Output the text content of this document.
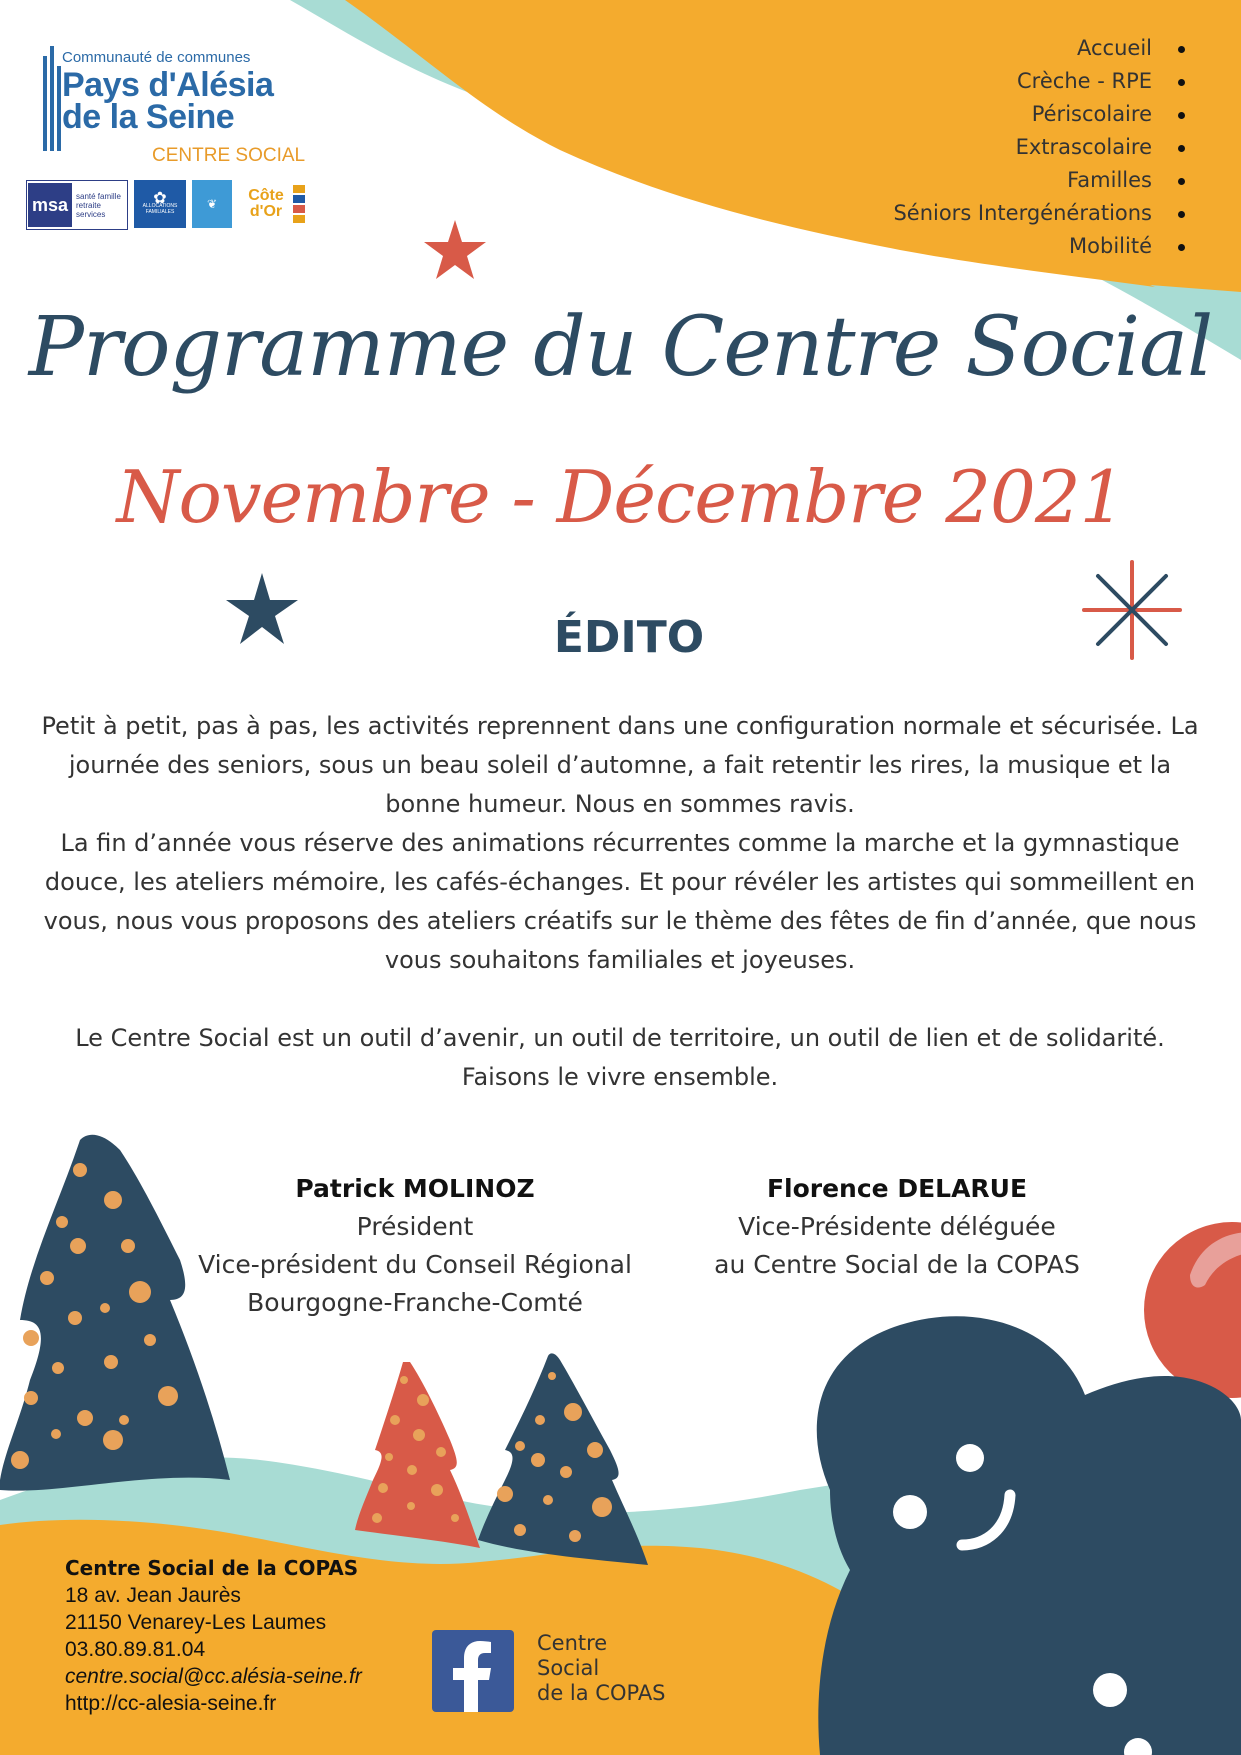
Communauté de communes
Pays d'Alésia
de la Seine
CENTRE SOCIAL
msa santé famille retraite services
✿
ALLOCATIONS FAMILIALES
❦	Côte d'Or
Accueil
Crèche - RPE
Périscolaire
Extrascolaire
Familles
Séniors Intergénérations
Mobilité
Programme du Centre Social
Novembre - Décembre 2021
ÉDITO
Petit à petit, pas à pas, les activités reprennent dans une configuration normale et sécurisée. La journée des seniors, sous un beau soleil d’automne, a fait retentir les rires, la musique et la bonne humeur. Nous en sommes ravis.
La fin d’année vous réserve des animations récurrentes comme la marche et la gymnastique douce, les ateliers mémoire, les cafés-échanges. Et pour révéler les artistes qui sommeillent en vous, nous vous proposons des ateliers créatifs sur le thème des fêtes de fin d’année, que nous vous souhaitons familiales et joyeuses.
Le Centre Social est un outil d’avenir, un outil de territoire, un outil de lien et de solidarité. Faisons le vivre ensemble.
Patrick MOLINOZ
Président
Vice-président du Conseil Régional
Bourgogne-Franche-Comté
Florence DELARUE
Vice-Présidente déléguée
au Centre Social de la COPAS
Centre Social de la COPAS
18 av. Jean Jaurès
21150 Venarey-Les Laumes
03.80.89.81.04
centre.social@cc.alésia-seine.fr
http://cc-alesia-seine.fr
Centre
Social
de la COPAS
